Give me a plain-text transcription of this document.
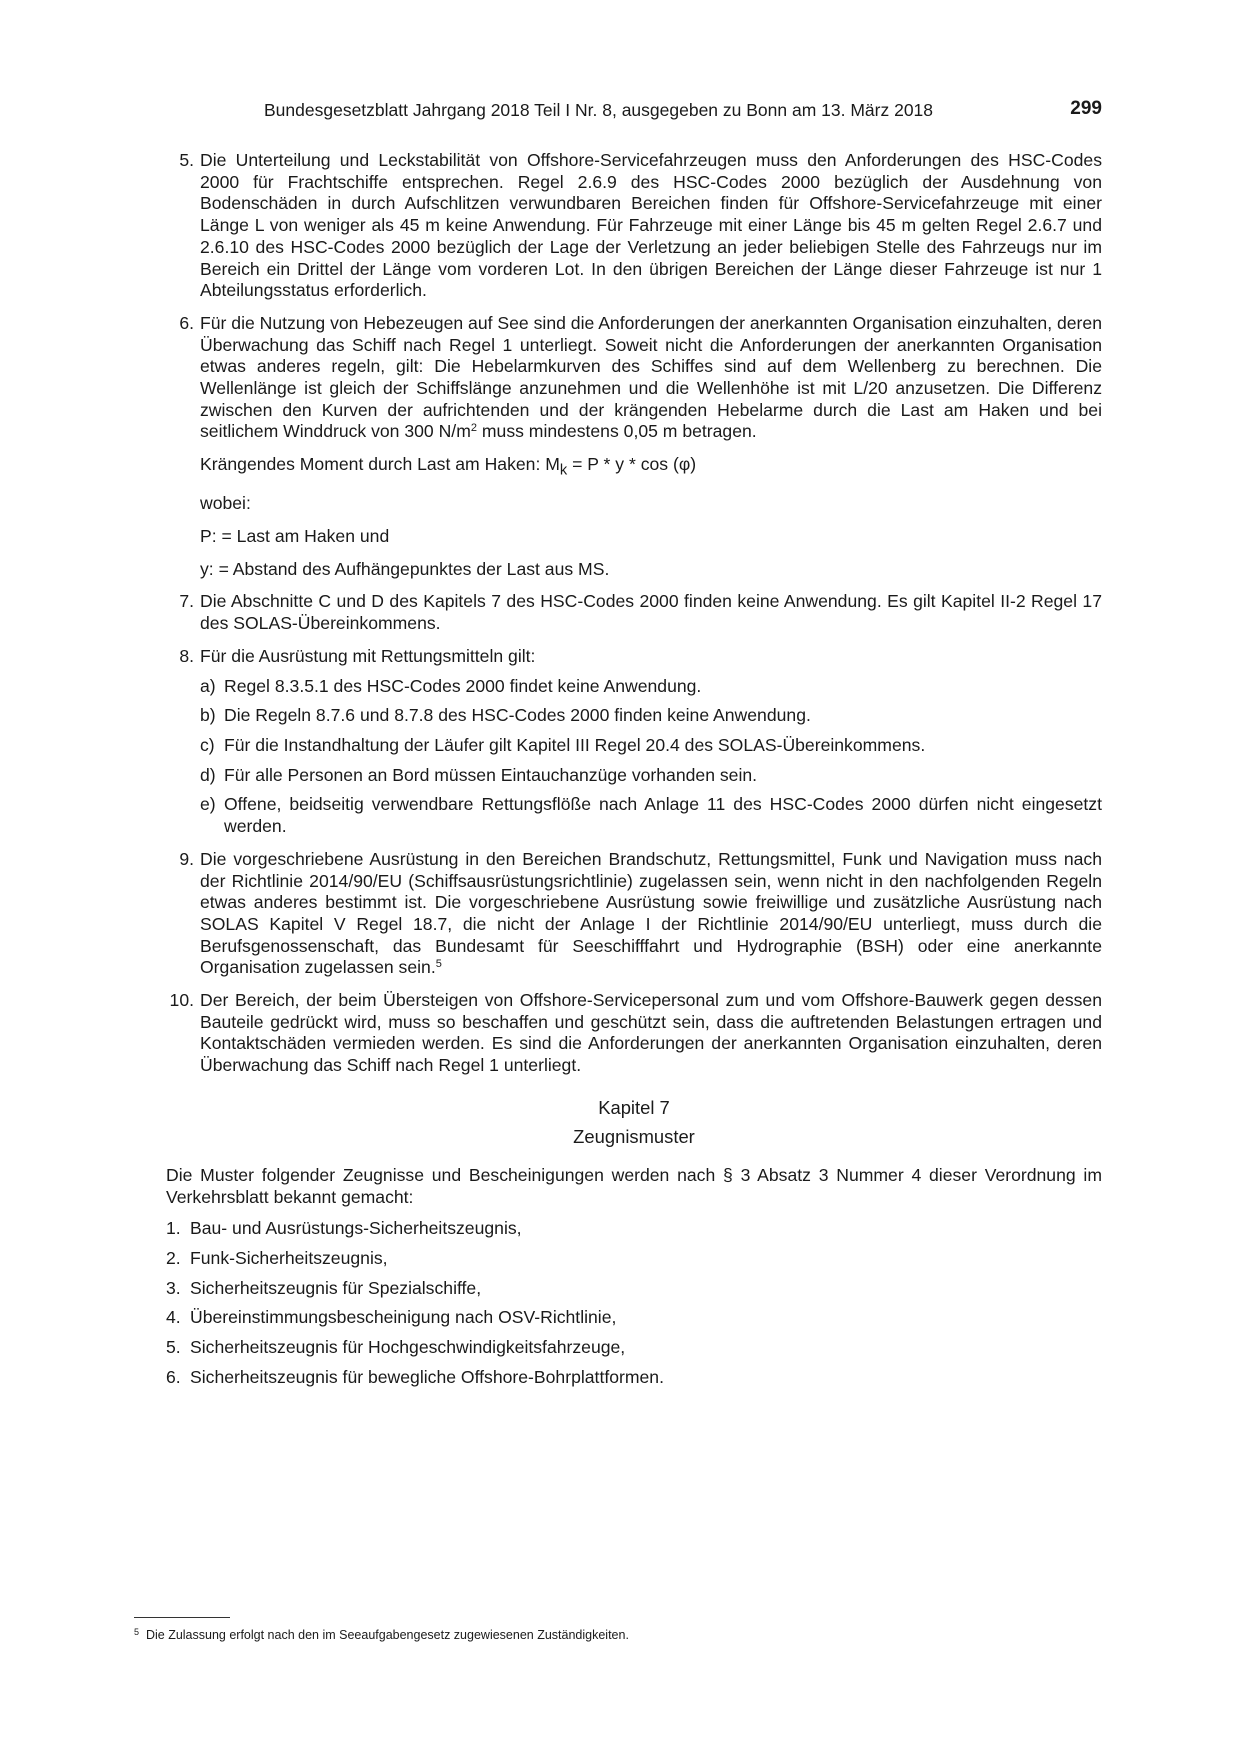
Bundesgesetzblatt Jahrgang 2018 Teil I Nr. 8, ausgegeben zu Bonn am 13. März 2018	299
5. Die Unterteilung und Leckstabilität von Offshore-Servicefahrzeugen muss den Anforderungen des HSC-Codes 2000 für Frachtschiffe entsprechen. Regel 2.6.9 des HSC-Codes 2000 bezüglich der Ausdehnung von Bodenschäden in durch Aufschlitzen verwundbaren Bereichen finden für Offshore-Servicefahrzeuge mit einer Länge L von weniger als 45 m keine Anwendung. Für Fahrzeuge mit einer Länge bis 45 m gelten Regel 2.6.7 und 2.6.10 des HSC-Codes 2000 bezüglich der Lage der Verletzung an jeder beliebigen Stelle des Fahrzeugs nur im Bereich ein Drittel der Länge vom vorderen Lot. In den übrigen Bereichen der Länge dieser Fahrzeuge ist nur 1 Abteilungsstatus erforderlich.
6. Für die Nutzung von Hebezeugen auf See sind die Anforderungen der anerkannten Organisation einzuhalten, deren Überwachung das Schiff nach Regel 1 unterliegt. Soweit nicht die Anforderungen der anerkannten Organisation etwas anderes regeln, gilt: Die Hebelarmkurven des Schiffes sind auf dem Wellenberg zu berechnen. Die Wellenlänge ist gleich der Schiffslänge anzunehmen und die Wellenhöhe ist mit L/20 anzusetzen. Die Differenz zwischen den Kurven der aufrichtenden und der krängenden Hebelarme durch die Last am Haken und bei seitlichem Winddruck von 300 $N/m^2$ muss mindestens 0,05 m betragen.

Krängendes Moment durch Last am Haken: $M_k = P * y * \cos (\varphi)$

wobei:

P: = Last am Haken und

y: = Abstand des Aufhängepunktes der Last aus MS.

7. Die Abschnitte C und D des Kapitels 7 des HSC-Codes 2000 finden keine Anwendung. Es gilt Kapitel II-2 Regel 17 des SOLAS-Übereinkommens.
8. Für die Ausrüstung mit Rettungsmitteln gilt:
a) Regel 8.3.5.1 des HSC-Codes 2000 findet keine Anwendung.
b) Die Regeln 8.7.6 und 8.7.8 des HSC-Codes 2000 finden keine Anwendung.
c) Für die Instandhaltung der Läufer gilt Kapitel III Regel 20.4 des SOLAS-Übereinkommens.
d) Für alle Personen an Bord müssen Eintauchanzüge vorhanden sein.
e) Offene, beidseitig verwendbare Rettungsflöße nach Anlage 11 des HSC-Codes 2000 dürfen nicht eingesetzt werden.
9. Die vorgeschriebene Ausrüstung in den Bereichen Brandschutz, Rettungsmittel, Funk und Navigation muss nach der Richtlinie 2014/90/EU (Schiffsausrüstungsrichtlinie) zugelassen sein, wenn nicht in den nachfolgenden Regeln etwas anderes bestimmt ist. Die vorgeschriebene Ausrüstung sowie freiwillige und zusätzliche Ausrüstung nach SOLAS Kapitel V Regel 18.7, die nicht der Anlage I der Richtlinie 2014/90/EU unterliegt, muss durch die Berufsgenossenschaft, das Bundesamt für Seeschifffahrt und Hydrographie (BSH) oder eine anerkannte Organisation zugelassen sein.$^5$
10. Der Bereich, der beim Übersteigen von Offshore-Servicepersonal zum und vom Offshore-Bauwerk gegen dessen Bauteile gedrückt wird, muss so beschaffen und geschützt sein, dass die auftretenden Belastungen ertragen und Kontaktschäden vermieden werden. Es sind die Anforderungen der anerkannten Organisation einzuhalten, deren Überwachung das Schiff nach Regel 1 unterliegt.
Kapitel 7
Zeugnismuster

Die Muster folgender Zeugnisse und Bescheinigungen werden nach § 3 Absatz 3 Nummer 4 dieser Verordnung im Verkehrsblatt bekannt gemacht:

1. Bau- und Ausrüstungs-Sicherheitszeugnis,
2. Funk-Sicherheitszeugnis,
3. Sicherheitszeugnis für Spezialschiffe,
4. Übereinstimmungsbescheinigung nach OSV-Richtlinie,
5. Sicherheitszeugnis für Hochgeschwindigkeitsfahrzeuge,
6. Sicherheitszeugnis für bewegliche Offshore-Bohrplattformen.
$^5$ Die Zulassung erfolgt nach den im Seeaufgabengesetz zugewiesenen Zuständigkeiten.
